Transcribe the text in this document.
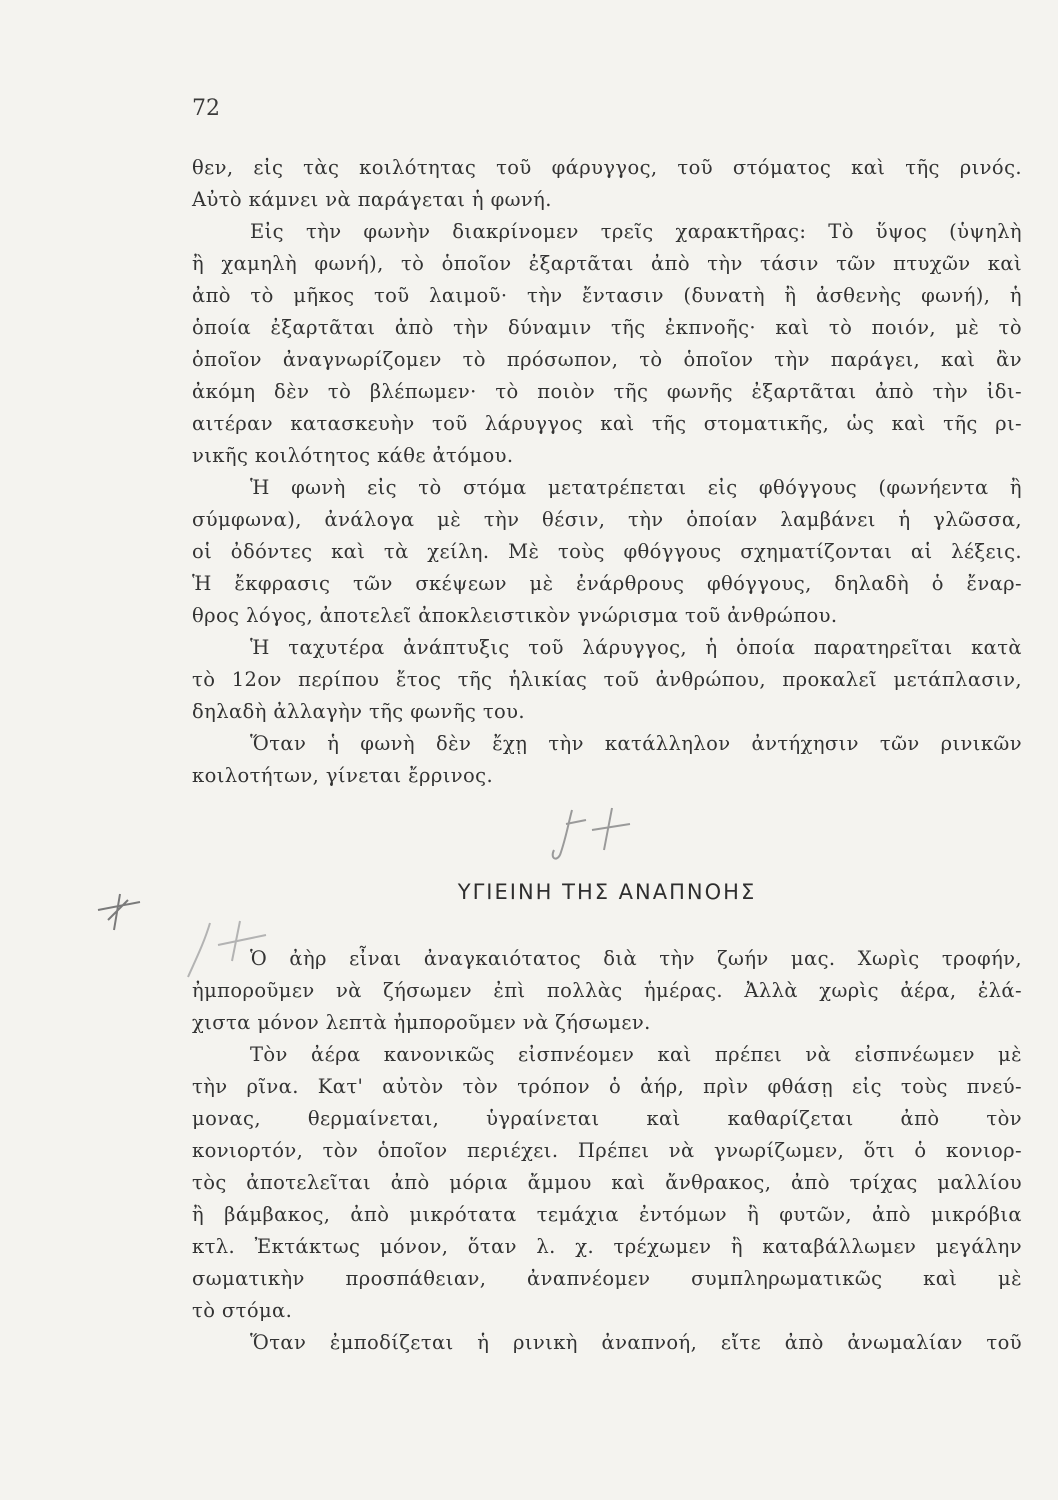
72
θεν, εἰς τὰς κοιλότητας τοῦ φάρυγγος, τοῦ στόματος καὶ τῆς ρινός.
Αὐτὸ κάμνει νὰ παράγεται ἡ φωνή.
Εἰς τὴν φωνὴν διακρίνομεν τρεῖς χαρακτῆρας: Τὸ ὕψος (ὑψηλὴ
ἢ χαμηλὴ φωνή), τὸ ὁποῖον ἐξαρτᾶται ἀπὸ τὴν τάσιν τῶν πτυχῶν καὶ
ἀπὸ τὸ μῆκος τοῦ λαιμοῦ· τὴν ἔντασιν (δυνατὴ ἢ ἀσθενὴς φωνή), ἡ
ὁποία ἐξαρτᾶται ἀπὸ τὴν δύναμιν τῆς ἐκπνοῆς· καὶ τὸ ποιόν, μὲ τὸ
ὁποῖον ἀναγνωρίζομεν τὸ πρόσωπον, τὸ ὁποῖον τὴν παράγει, καὶ ἂν
ἀκόμη δὲν τὸ βλέπωμεν· τὸ ποιὸν τῆς φωνῆς ἐξαρτᾶται ἀπὸ τὴν ἰδι-
αιτέραν κατασκευὴν τοῦ λάρυγγος καὶ τῆς στοματικῆς, ὡς καὶ τῆς ρι-
νικῆς κοιλότητος κάθε ἀτόμου.
Ἡ φωνὴ εἰς τὸ στόμα μετατρέπεται εἰς φθόγγους (φωνήεντα ἢ
σύμφωνα), ἀνάλογα μὲ τὴν θέσιν, τὴν ὁποίαν λαμβάνει ἡ γλῶσσα,
οἱ ὀδόντες καὶ τὰ χείλη. Μὲ τοὺς φθόγγους σχηματίζονται αἱ λέξεις.
Ἡ ἔκφρασις τῶν σκέψεων μὲ ἐνάρθρους φθόγγους, δηλαδὴ ὁ ἔναρ-
θρος λόγος, ἀποτελεῖ ἀποκλειστικὸν γνώρισμα τοῦ ἀνθρώπου.
Ἡ ταχυτέρα ἀνάπτυξις τοῦ λάρυγγος, ἡ ὁποία παρατηρεῖται κατὰ
τὸ 12ον περίπου ἔτος τῆς ἡλικίας τοῦ ἀνθρώπου, προκαλεῖ μετάπλασιν,
δηλαδὴ ἀλλαγὴν τῆς φωνῆς του.
Ὅταν ἡ φωνὴ δὲν ἔχῃ τὴν κατάλληλον ἀντήχησιν τῶν ρινικῶν
κοιλοτήτων, γίνεται ἔρρινος.
ΥΓΙΕΙΝΗ ΤΗΣ ΑΝΑΠΝΟΗΣ
Ὁ ἀὴρ εἶναι ἀναγκαιότατος διὰ τὴν ζωήν μας. Χωρὶς τροφήν,
ἠμποροῦμεν νὰ ζήσωμεν ἐπὶ πολλὰς ἡμέρας. Ἀλλὰ χωρὶς ἀέρα, ἐλά-
χιστα μόνον λεπτὰ ἠμποροῦμεν νὰ ζήσωμεν.
Τὸν ἀέρα κανονικῶς εἰσπνέομεν καὶ πρέπει νὰ εἰσπνέωμεν μὲ
τὴν ρῖνα. Κατ' αὐτὸν τὸν τρόπον ὁ ἀήρ, πρὶν φθάσῃ εἰς τοὺς πνεύ-
μονας, θερμαίνεται, ὑγραίνεται καὶ καθαρίζεται ἀπὸ τὸν
κονιορτόν, τὸν ὁποῖον περιέχει. Πρέπει νὰ γνωρίζωμεν, ὅτι ὁ κονιορ-
τὸς ἀποτελεῖται ἀπὸ μόρια ἄμμου καὶ ἄνθρακος, ἀπὸ τρίχας μαλλίου
ἢ βάμβακος, ἀπὸ μικρότατα τεμάχια ἐντόμων ἢ φυτῶν, ἀπὸ μικρόβια
κτλ. Ἐκτάκτως μόνον, ὅταν λ. χ. τρέχωμεν ἢ καταβάλλωμεν μεγάλην
σωματικὴν προσπάθειαν, ἀναπνέομεν συμπληρωματικῶς καὶ μὲ
τὸ στόμα.
Ὅταν ἐμποδίζεται ἡ ρινικὴ ἀναπνοή, εἴτε ἀπὸ ἀνωμαλίαν τοῦ
